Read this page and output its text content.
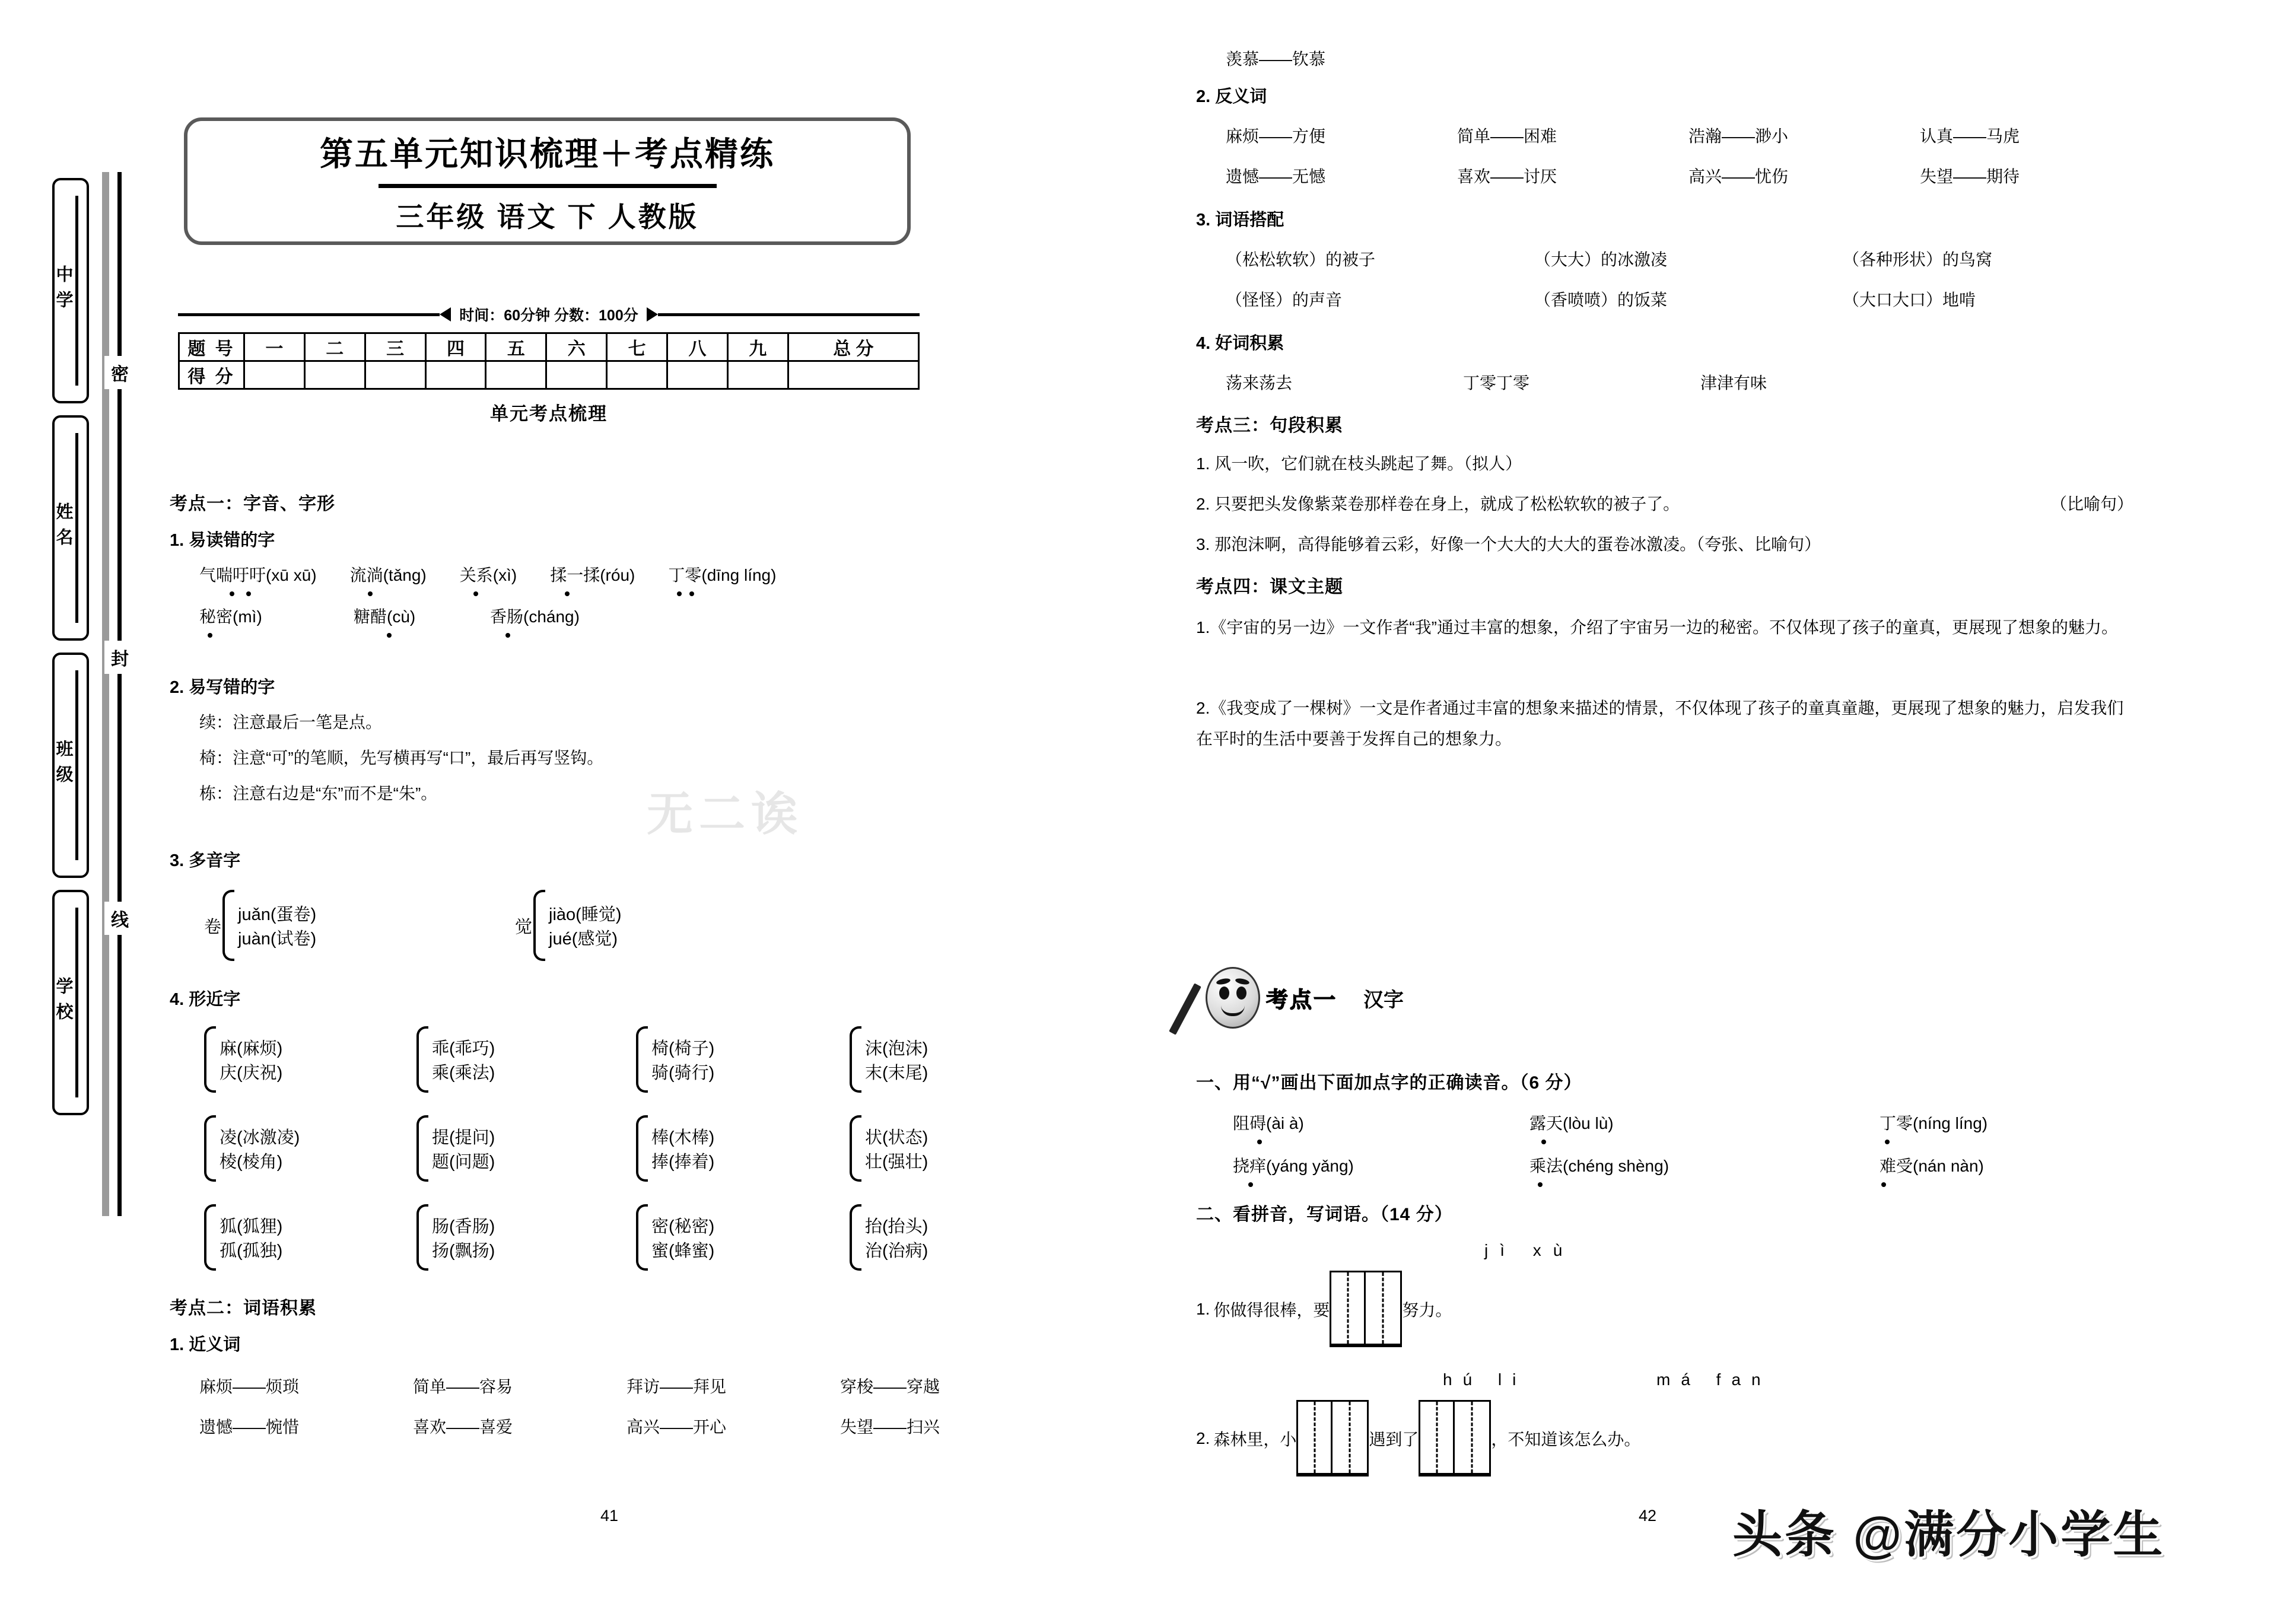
中学
姓名
班级
学校
密
封
线
第五单元知识梳理＋考点精练
三年级 语文 下 人教版
时间：60分钟 分数：100分
题 号	一	二	三	四	五	六	七	八	九	总 分
得 分										
单元考点梳理
考点一：字音、字形
1. 易读错的字
气喘吁吁(xū xū) 流淌(tǎng) 关系(xì) 揉一揉(róu) 丁零(dīng líng)
秘密(mì)	糖醋(cù)	香肠(cháng)
2. 易写错的字
续：注意最后一笔是点。
椅：注意“可”的笔顺，先写横再写“口”，最后再写竖钩。
栋：注意右边是“东”而不是“朱”。
3. 多音字
卷
juǎn(蛋卷)
juàn(试卷)
觉
jiào(睡觉)
jué(感觉)
4. 形近字
麻(麻烦)
庆(庆祝)
乖(乖巧)
乘(乘法)
椅(椅子)
骑(骑行)
沫(泡沫)
末(末尾)
凌(冰激凌)
棱(棱角)
提(提问)
题(问题)
棒(木棒)
捧(捧着)
状(状态)
壮(强壮)
狐(狐狸)
孤(孤独)
肠(香肠)
扬(飘扬)
密(秘密)
蜜(蜂蜜)
抬(抬头)
治(治病)
考点二：词语积累
1. 近义词
麻烦——烦琐	简单——容易	拜访——拜见	穿梭——穿越
遗憾——惋惜	喜欢——喜爱	高兴——开心	失望——扫兴
41
羡慕——钦慕
2. 反义词
麻烦——方便	简单——困难	浩瀚——渺小	认真——马虎
遗憾——无憾	喜欢——讨厌	高兴——忧伤	失望——期待
3. 词语搭配
（松松软软）的被子	（大大）的冰激凌	（各种形状）的鸟窝
（怪怪）的声音	（香喷喷）的饭菜	（大口大口）地啃
4. 好词积累
荡来荡去	丁零丁零	津津有味
考点三：句段积累
1. 风一吹，它们就在枝头跳起了舞。（拟人）
2. 只要把头发像紫菜卷那样卷在身上，就成了松松软软的被子了。	（比喻句）
3. 那泡沫啊，高得能够着云彩，好像一个大大的大大的蛋卷冰激凌。（夸张、比喻句）
考点四：课文主题
1.《宇宙的另一边》一文作者“我”通过丰富的想象，介绍了宇宙另一边的秘密。不仅体现了孩子的童真，更展现了想象的魅力。
2.《我变成了一棵树》一文是作者通过丰富的想象来描述的情景，不仅体现了孩子的童真童趣，更展现了想象的魅力，启发我们在平时的生活中要善于发挥自己的想象力。
考点一 汉字
一、用“√”画出下面加点字的正确读音。（6 分）
阻碍(ài à)	露天(lòu lù)	丁零(níng líng)
挠痒(yáng yǎng)	乘法(chéng shèng)	难受(nán nàn)
二、看拼音，写词语。（14 分）
jì xù
1. 你做得很棒，要	努力。
hú li	má fan
2. 森林里，小	遇到了	，不知道该怎么办。
42
无二诶
头条 @满分小学生
